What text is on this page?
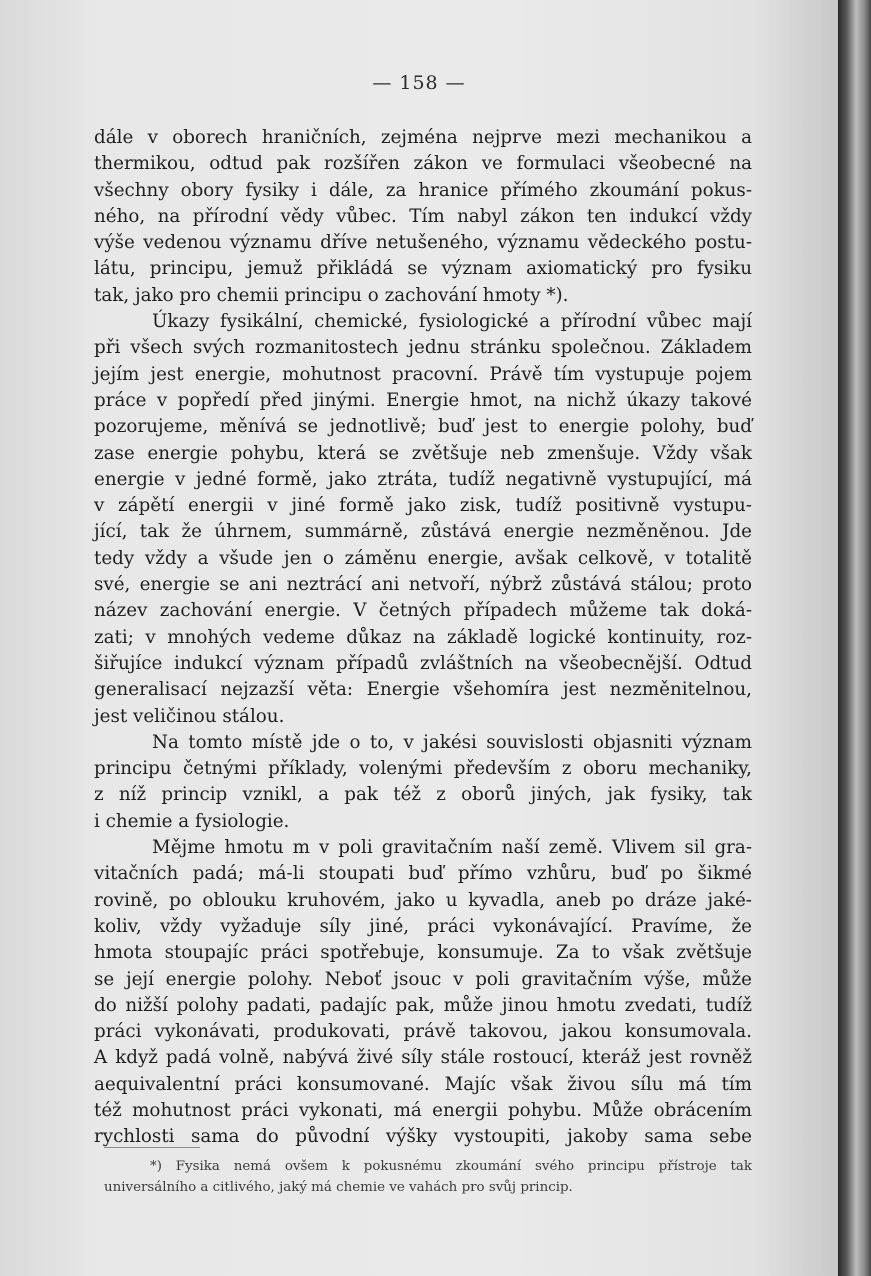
— 158 —
dále v oborech hraničních, zejména nejprve mezi mechanikou a
thermikou, odtud pak rozšířen zákon ve formulaci všeobecné na
všechny obory fysiky i dále, za hranice přímého zkoumání pokus-
ného, na přírodní vědy vůbec. Tím nabyl zákon ten indukcí vždy
výše vedenou významu dříve netušeného, významu vědeckého postu-
látu, principu, jemuž přikládá se význam axiomatický pro fysiku
tak, jako pro chemii principu o zachování hmoty *).
Úkazy fysikální, chemické, fysiologické a přírodní vůbec mají
při všech svých rozmanitostech jednu stránku společnou. Základem
jejím jest energie, mohutnost pracovní. Právě tím vystupuje pojem
práce v popředí před jinými. Energie hmot, na nichž úkazy takové
pozorujeme, měnívá se jednotlivě; buď jest to energie polohy, buď
zase energie pohybu, která se zvětšuje neb zmenšuje. Vždy však
energie v jedné formě, jako ztráta, tudíž negativně vystupující, má
v zápětí energii v jiné formě jako zisk, tudíž positivně vystupu-
jící, tak že úhrnem, summárně, zůstává energie nezměněnou. Jde
tedy vždy a všude jen o záměnu energie, avšak celkově, v totalitě
své, energie se ani neztrácí ani netvoří, nýbrž zůstává stálou; proto
název zachování energie. V četných případech můžeme tak doká-
zati; v mnohých vedeme důkaz na základě logické kontinuity, roz-
šiřujíce indukcí význam případů zvláštních na všeobecnější. Odtud
generalisací nejzazší věta: Energie všehomíra jest nezměnitelnou,
jest veličinou stálou.
Na tomto místě jde o to, v jakési souvislosti objasniti význam
principu četnými příklady, volenými především z oboru mechaniky,
z níž princip vznikl, a pak též z oborů jiných, jak fysiky, tak
i chemie a fysiologie.
Mějme hmotu m v poli gravitačním naší země. Vlivem sil gra-
vitačních padá; má-li stoupati buď přímo vzhůru, buď po šikmé
rovině, po oblouku kruhovém, jako u kyvadla, aneb po dráze jaké-
koliv, vždy vyžaduje síly jiné, práci vykonávající. Pravíme, že
hmota stoupajíc práci spotřebuje, konsumuje. Za to však zvětšuje
se její energie polohy. Neboť jsouc v poli gravitačním výše, může
do nižší polohy padati, padajíc pak, může jinou hmotu zvedati, tudíž
práci vykonávati, produkovati, právě takovou, jakou konsumovala.
A když padá volně, nabývá živé síly stále rostoucí, kteráž jest rovněž
aequivalentní práci konsumované. Majíc však živou sílu má tím
též mohutnost práci vykonati, má energii pohybu. Může obrácením
rychlosti sama do původní výšky vystoupiti, jakoby sama sebe
*) Fysika nemá ovšem k pokusnému zkoumání svého principu přístroje tak
universálního a citlivého, jaký má chemie ve vahách pro svůj princip.
